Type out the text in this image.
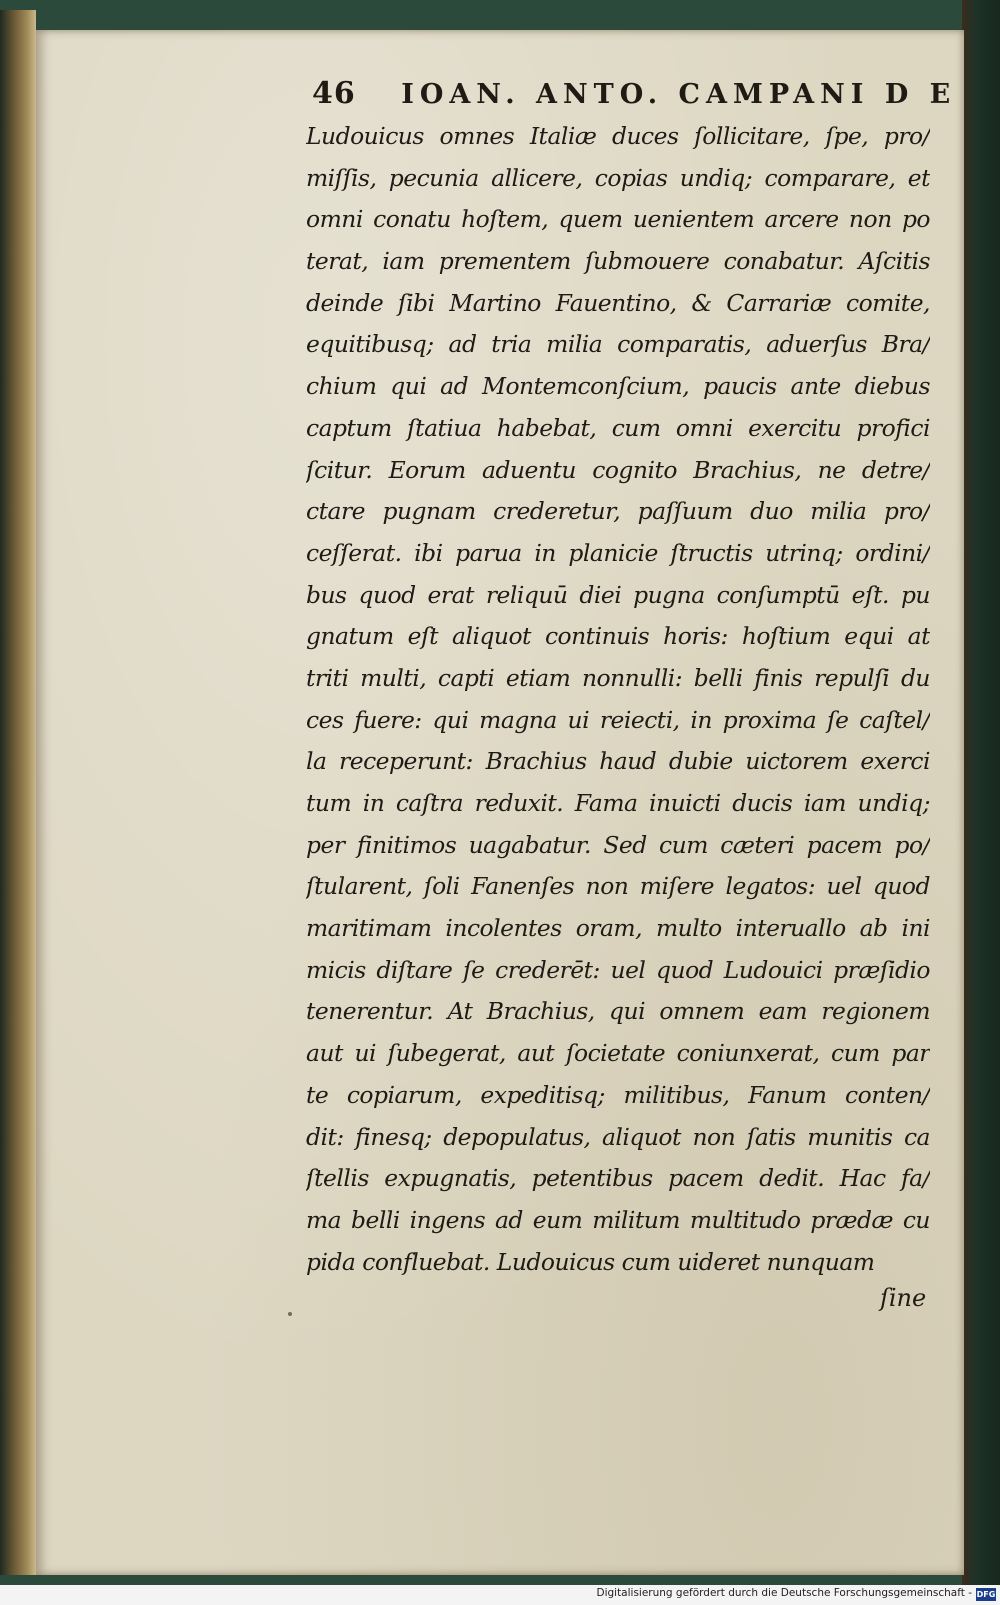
46 IOAN. ANTO. CAMPANI D E
Ludouicus omnes Italiæ duces ſollicitare, ſpe, pro/
miſſis, pecunia allicere, copias undiq; comparare, et
omni conatu hoſtem, quem uenientem arcere non po
terat, iam prementem ſubmouere conabatur. Aſcitis
deinde ſibi Martino Fauentino, & Carrariæ comite,
equitibusq; ad tria milia comparatis, aduerſus Bra/
chium qui ad Montemconſcium, paucis ante diebus
captum ſtatiua habebat, cum omni exercitu profici
ſcitur. Eorum aduentu cognito Brachius, ne detre/
ctare pugnam crederetur, paſſuum duo milia pro/
ceſſerat. ibi parua in planicie ſtructis utrinq; ordini/
bus quod erat reliquū diei pugna conſumptū eſt. pu
gnatum eſt aliquot continuis horis: hoſtium equi at
triti multi, capti etiam nonnulli: belli finis repulſi du
ces fuere: qui magna ui reiecti, in proxima ſe caſtel/
la receperunt: Brachius haud dubie uictorem exerci
tum in caſtra reduxit. Fama inuicti ducis iam undiq;
per finitimos uagabatur. Sed cum cæteri pacem po/
ſtularent, ſoli Fanenſes non miſere legatos: uel quod
maritimam incolentes oram, multo interuallo ab ini
micis diſtare ſe crederēt: uel quod Ludouici præſidio
tenerentur. At Brachius, qui omnem eam regionem
aut ui ſubegerat, aut ſocietate coniunxerat, cum par
te copiarum, expeditisq; militibus, Fanum conten/
dit: finesq; depopulatus, aliquot non ſatis munitis ca
ſtellis expugnatis, petentibus pacem dedit. Hac fa/
ma belli ingens ad eum militum multitudo prædæ cu
pida confluebat. Ludouicus cum uideret nunquam
ſine
Digitalisierung gefördert durch die Deutsche Forschungsgemeinschaft - DFG
